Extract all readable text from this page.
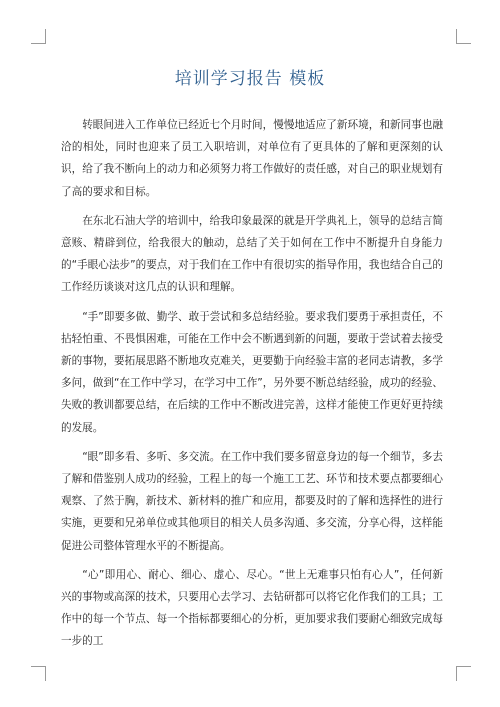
培训学习报告 模板

转眼间进入工作单位已经近七个月时间，慢慢地适应了新环境，和新同事也融洽的相处，同时也迎来了员工入职培训，对单位有了更具体的了解和更深刻的认识，给了我不断向上的动力和必须努力将工作做好的责任感，对自己的职业规划有了高的要求和目标。

在东北石油大学的培训中，给我印象最深的就是开学典礼上，领导的总结言简意赅、精辟到位，给我很大的触动，总结了关于如何在工作中不断提升自身能力的“手眼心法步”的要点，对于我们在工作中有很切实的指导作用，我也结合自己的工作经历谈谈对这几点的认识和理解。

“手”即要多做、勤学、敢于尝试和多总结经验。要求我们要勇于承担责任，不拈轻怕重、不畏惧困难，可能在工作中会不断遇到新的问题，要敢于尝试着去接受新的事物，要拓展思路不断地攻克难关，更要勤于向经验丰富的老同志请教，多学多问，做到“在工作中学习，在学习中工作”，另外要不断总结经验，成功的经验、失败的教训都要总结，在后续的工作中不断改进完善，这样才能使工作更好更持续的发展。

“眼”即多看、多听、多交流。在工作中我们要多留意身边的每一个细节，多去了解和借鉴别人成功的经验，工程上的每一个施工工艺、环节和技术要点都要细心观察、了然于胸，新技术、新材料的推广和应用，都要及时的了解和选择性的进行实施，更要和兄弟单位或其他项目的相关人员多沟通、多交流，分享心得，这样能促进公司整体管理水平的不断提高。

“心”即用心、耐心、细心、虚心、尽心。“世上无难事只怕有心人”，任何新兴的事物或高深的技术，只要用心去学习、去钻研都可以将它化作我们的工具；工作中的每一个节点、每一个指标都要细心的分析，更加要求我们要耐心细致完成每一步的工
